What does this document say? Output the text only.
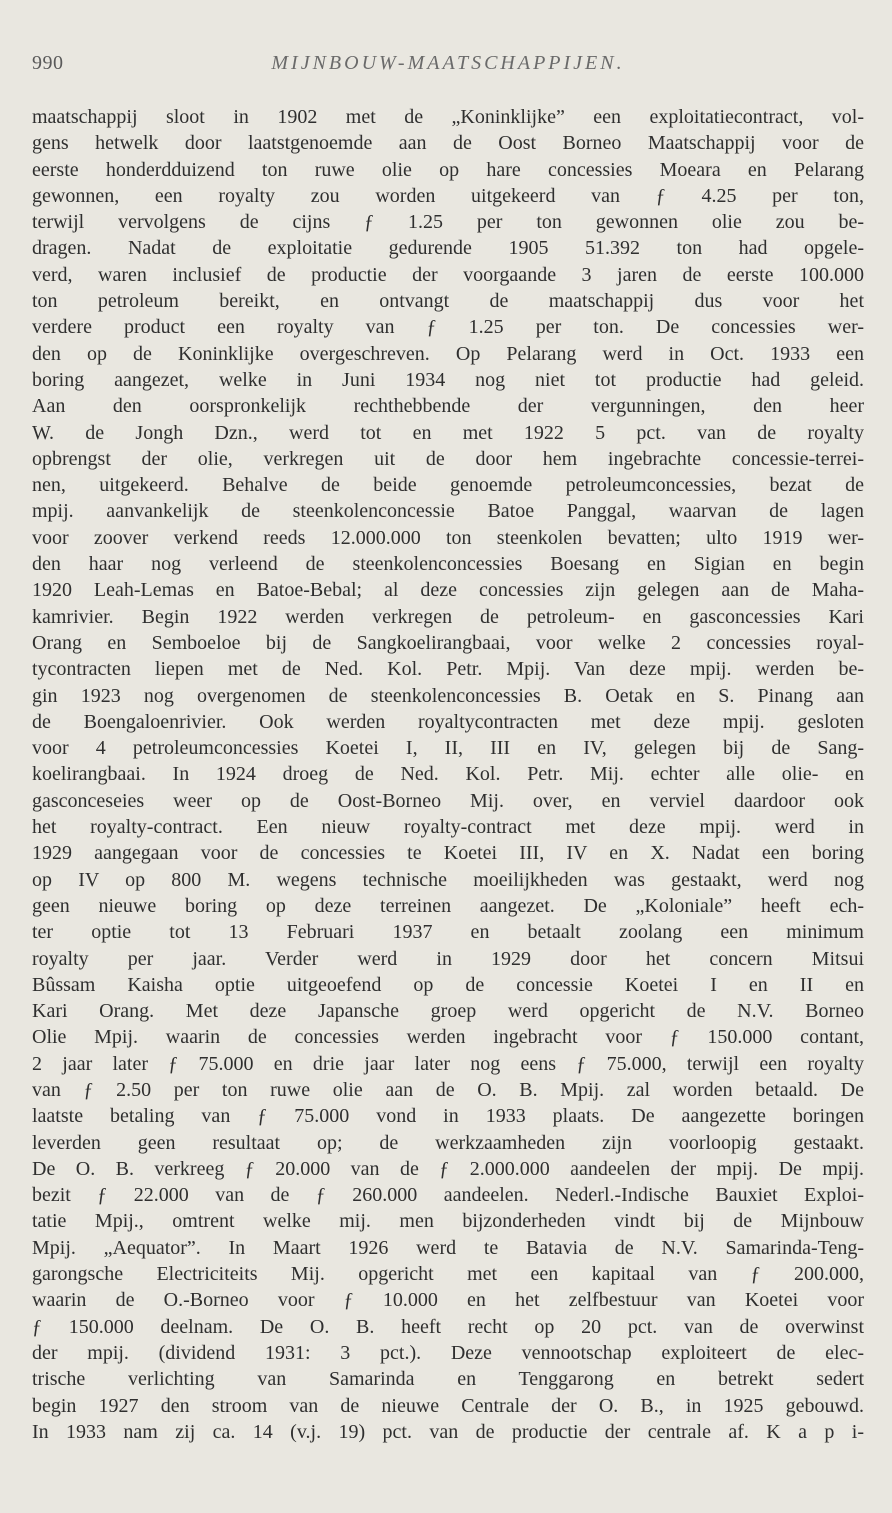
990	MIJNBOUW-MAATSCHAPPIJEN.
maatschappij sloot in 1902 met de „Koninklijke” een exploitatiecontract, vol-
gens hetwelk door laatstgenoemde aan de Oost Borneo Maatschappij voor de
eerste honderdduizend ton ruwe olie op hare concessies Moeara en Pelarang
gewonnen, een royalty zou worden uitgekeerd van ƒ 4.25 per ton,
terwijl vervolgens de cijns ƒ 1.25 per ton gewonnen olie zou be-
dragen. Nadat de exploitatie gedurende 1905 51.392 ton had opgele-
verd, waren inclusief de productie der voorgaande 3 jaren de eerste 100.000
ton petroleum bereikt, en ontvangt de maatschappij dus voor het
verdere product een royalty van ƒ 1.25 per ton. De concessies wer-
den op de Koninklijke overgeschreven. Op Pelarang werd in Oct. 1933 een
boring aangezet, welke in Juni 1934 nog niet tot productie had geleid.
Aan den oorspronkelijk rechthebbende der vergunningen, den heer
W. de Jongh Dzn., werd tot en met 1922 5 pct. van de royalty
opbrengst der olie, verkregen uit de door hem ingebrachte concessie-terrei-
nen, uitgekeerd. Behalve de beide genoemde petroleumconcessies, bezat de
mpij. aanvankelijk de steenkolenconcessie Batoe Panggal, waarvan de lagen
voor zoover verkend reeds 12.000.000 ton steenkolen bevatten; ulto 1919 wer-
den haar nog verleend de steenkolenconcessies Boesang en Sigian en begin
1920 Leah-Lemas en Batoe-Bebal; al deze concessies zijn gelegen aan de Maha-
kamrivier. Begin 1922 werden verkregen de petroleum- en gasconcessies Kari
Orang en Semboeloe bij de Sangkoelirangbaai, voor welke 2 concessies royal-
tycontracten liepen met de Ned. Kol. Petr. Mpij. Van deze mpij. werden be-
gin 1923 nog overgenomen de steenkolenconcessies B. Oetak en S. Pinang aan
de Boengaloenrivier. Ook werden royaltycontracten met deze mpij. gesloten
voor 4 petroleumconcessies Koetei I, II, III en IV, gelegen bij de Sang-
koelirangbaai. In 1924 droeg de Ned. Kol. Petr. Mij. echter alle olie- en
gasconceseies weer op de Oost-Borneo Mij. over, en verviel daardoor ook
het royalty-contract. Een nieuw royalty-contract met deze mpij. werd in
1929 aangegaan voor de concessies te Koetei III, IV en X. Nadat een boring
op IV op 800 M. wegens technische moeilijkheden was gestaakt, werd nog
geen nieuwe boring op deze terreinen aangezet. De „Koloniale” heeft ech-
ter optie tot 13 Februari 1937 en betaalt zoolang een minimum
royalty per jaar. Verder werd in 1929 door het concern Mitsui
Bûssam Kaisha optie uitgeoefend op de concessie Koetei I en II en
Kari Orang. Met deze Japansche groep werd opgericht de N.V. Borneo
Olie Mpij. waarin de concessies werden ingebracht voor ƒ 150.000 contant,
2 jaar later ƒ 75.000 en drie jaar later nog eens ƒ 75.000, terwijl een royalty
van ƒ 2.50 per ton ruwe olie aan de O. B. Mpij. zal worden betaald. De
laatste betaling van ƒ 75.000 vond in 1933 plaats. De aangezette boringen
leverden geen resultaat op; de werkzaamheden zijn voorloopig gestaakt.
De O. B. verkreeg ƒ 20.000 van de ƒ 2.000.000 aandeelen der mpij. De mpij.
bezit ƒ 22.000 van de ƒ 260.000 aandeelen. Nederl.-Indische Bauxiet Exploi-
tatie Mpij., omtrent welke mij. men bijzonderheden vindt bij de Mijnbouw
Mpij. „Aequator”. In Maart 1926 werd te Batavia de N.V. Samarinda-Teng-
garongsche Electriciteits Mij. opgericht met een kapitaal van ƒ 200.000,
waarin de O.-Borneo voor ƒ 10.000 en het zelfbestuur van Koetei voor
ƒ 150.000 deelnam. De O. B. heeft recht op 20 pct. van de overwinst
der mpij. (dividend 1931: 3 pct.). Deze vennootschap exploiteert de elec-
trische verlichting van Samarinda en Tenggarong en betrekt sedert
begin 1927 den stroom van de nieuwe Centrale der O. B., in 1925 gebouwd.
In 1933 nam zij ca. 14 (v.j. 19) pct. van de productie der centrale af. K a p i-
